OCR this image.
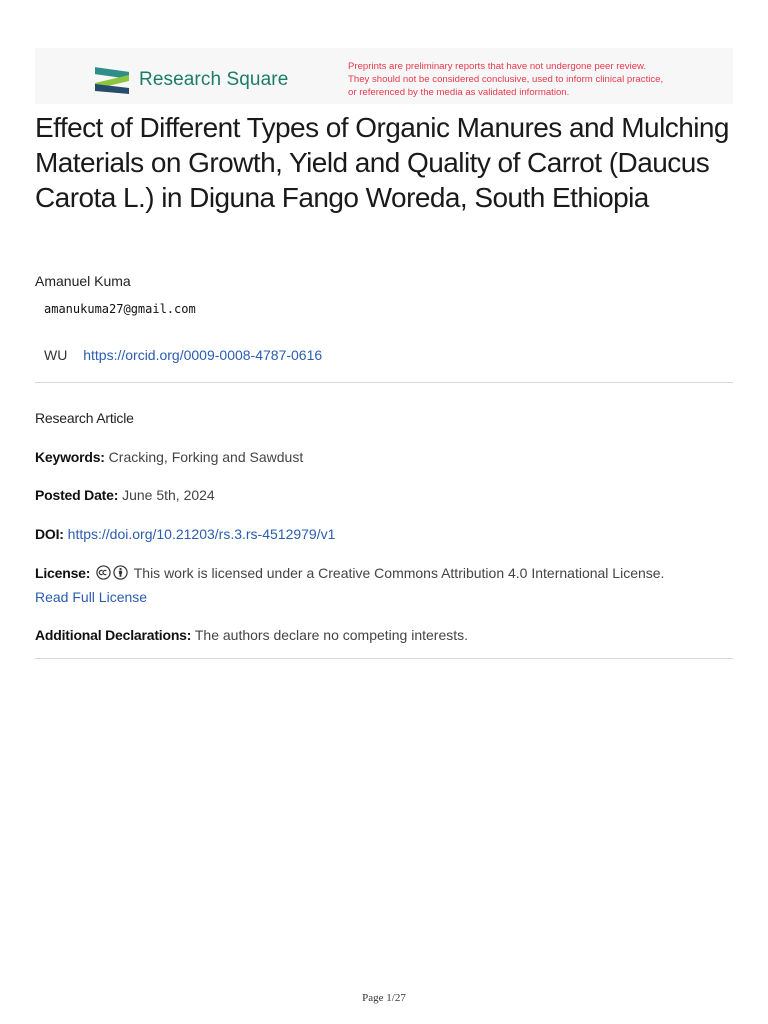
Research Square
Preprints are preliminary reports that have not undergone peer review.
They should not be considered conclusive, used to inform clinical practice,
or referenced by the media as validated information.
Effect of Different Types of Organic Manures and Mulching Materials on Growth, Yield and Quality of Carrot (Daucus Carota L.) in Diguna Fango Woreda, South Ethiopia
Amanuel Kuma
amanukuma27@gmail.com
WU https://orcid.org/0009-0008-4787-0616
Research Article
Keywords: Cracking, Forking and Sawdust
Posted Date: June 5th, 2024
DOI: https://doi.org/10.21203/rs.3.rs-4512979/v1
License:	This work is licensed under a Creative Commons Attribution 4.0 International License.
Read Full License
Additional Declarations: The authors declare no competing interests.
Page 1/27
